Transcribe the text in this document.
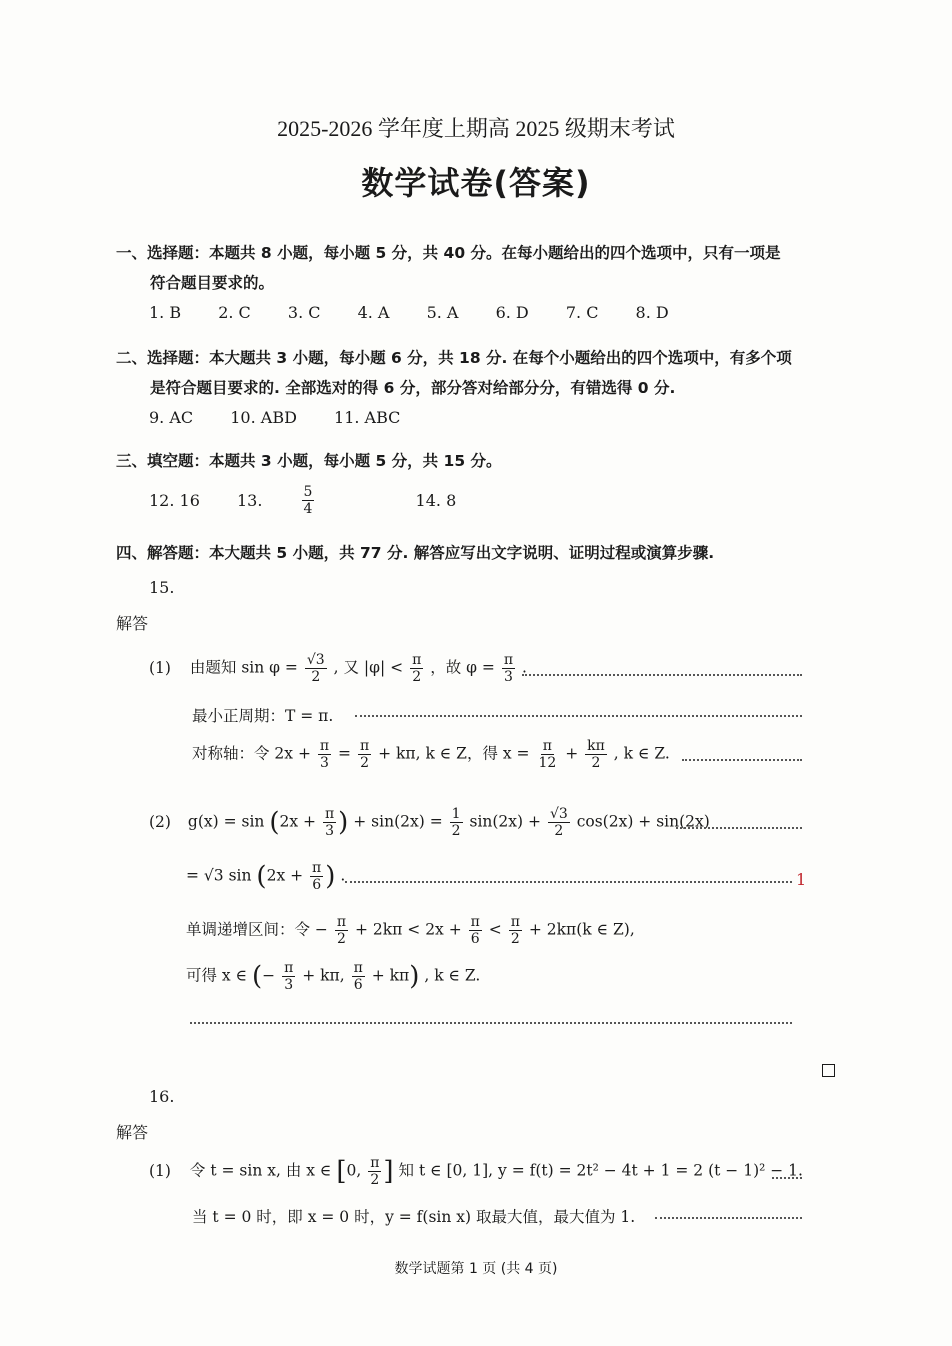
2025-2026 学年度上期高 2025 级期末考试
数学试卷(答案)
一、选择题：本题共 8 小题，每小题 5 分，共 40 分。在每小题给出的四个选项中，只有一项是
符合题目要求的。
1. B 2. C 3. C 4. A 5. A 6. D 7. C 8. D
二、选择题：本大题共 3 小题，每小题 6 分，共 18 分. 在每个小题给出的四个选项中，有多个项
是符合题目要求的. 全部选对的得 6 分，部分答对给部分分，有错选得 0 分.
9. AC 10. ABD 11. ABC
三、填空题：本题共 3 小题，每小题 5 分，共 15 分。
12. 16 13.	$\frac{5}{4}$	14. 8
四、解答题：本大题共 5 小题，共 77 分. 解答应写出文字说明、证明过程或演算步骤.
15.
解答
(1) 由题知 $\sin \varphi = \frac{√3}{2}$ , 又 $|\varphi| < \frac{\pi}{2}$ ，故 $\varphi = \frac{\pi}{3}$ .
最小正周期：T = π.
对称轴：令 $2x + \frac{\pi}{3} = \frac{\pi}{2} + k\pi$, k ∈ Z，得 $x = \frac{\pi}{12} + \frac{k\pi}{2}$ , k ∈ Z.
(2) $g(x) = \sin (2x + \frac{\pi}{3}$ ) + $\sin(2x) = \frac{1}{2} \sin(2x) + \frac{√3}{2} \cos(2x) + \sin(2x)$
= √3 $\sin (2x + \frac{\pi}{6}$ ) .	1
单调递增区间：令 − $\frac{\pi}{2} + 2k\pi < 2x + \frac{\pi}{6} < \frac{\pi}{2} + 2k\pi(k$ ∈ Z),
可得 x ∈ (− $\frac{\pi}{3} + k\pi$, $\frac{\pi}{6} + k\pi$) , k ∈ Z.
16.
解答
(1) 令 t = sin x, 由 x ∈ [0, $\frac{\pi}{2}$ ] 知 t ∈ [0, 1], y = f(t) = 2t² − 4t + 1 = 2 (t − 1)² − 1.
当 t = 0 时，即 x = 0 时，y = f(sin x) 取最大值，最大值为 1.
数学试题第 1 页 (共 4 页)
